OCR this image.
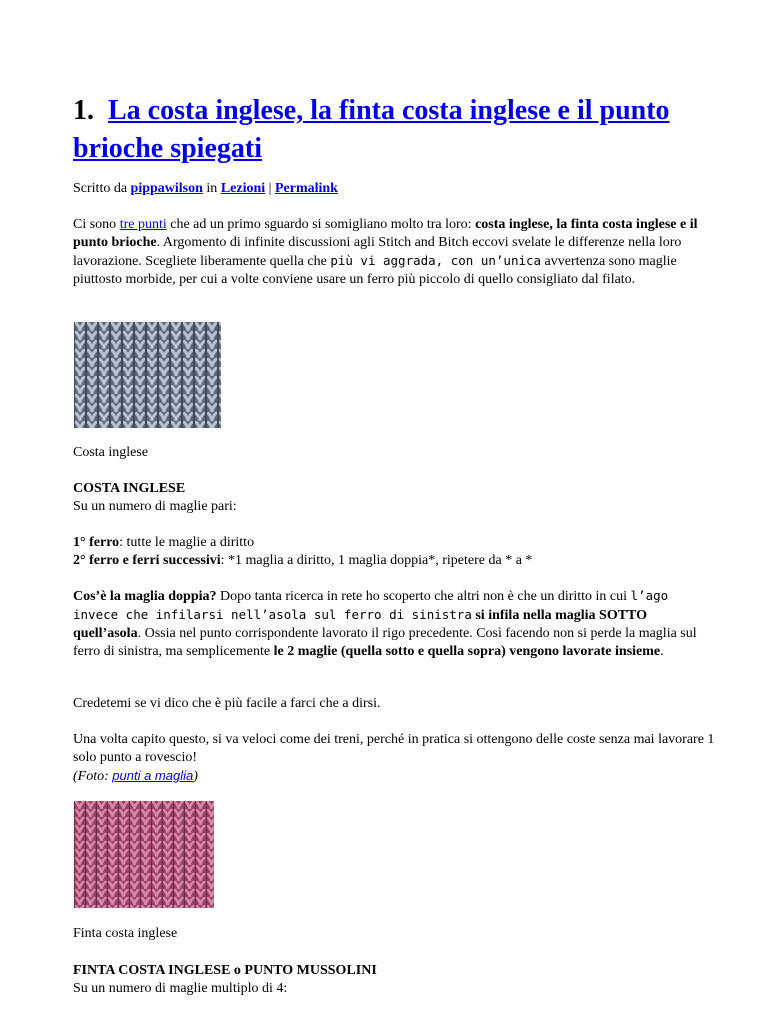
1. La costa inglese, la finta costa inglese e il punto brioche spiegati

Scritto da pippawilson in Lezioni | Permalink

Ci sono tre punti che ad un primo sguardo si somigliano molto tra loro: costa inglese, la finta costa inglese e il punto brioche. Argomento di infinite discussioni agli Stitch and Bitch eccovi svelate le differenze nella loro lavorazione. Scegliete liberamente quella che più vi aggrada, con un’unica avvertenza sono maglie piuttosto morbide, per cui a volte conviene usare un ferro più piccolo di quello consigliato dal filato.

Costa inglese

COSTA INGLESE

Su un numero di maglie pari:

1° ferro: tutte le maglie a diritto

2° ferro e ferri successivi: *1 maglia a diritto, 1 maglia doppia*, ripetere da * a *

Cos’è la maglia doppia? Dopo tanta ricerca in rete ho scoperto che altri non è che un diritto in cui l’ago invece che infilarsi nell’asola sul ferro di sinistra si infila nella maglia SOTTO quell’asola. Ossia nel punto corrispondente lavorato il rigo precedente. Così facendo non si perde la maglia sul ferro di sinistra, ma semplicemente le 2 maglie (quella sotto e quella sopra) vengono lavorate insieme.

Credetemi se vi dico che è più facile a farci che a dirsi.

Una volta capito questo, si va veloci come dei treni, perché in pratica si ottengono delle coste senza mai lavorare 1 solo punto a rovescio!

(Foto: punti a maglia)

Finta costa inglese

FINTA COSTA INGLESE o PUNTO MUSSOLINI

Su un numero di maglie multiplo di 4:
